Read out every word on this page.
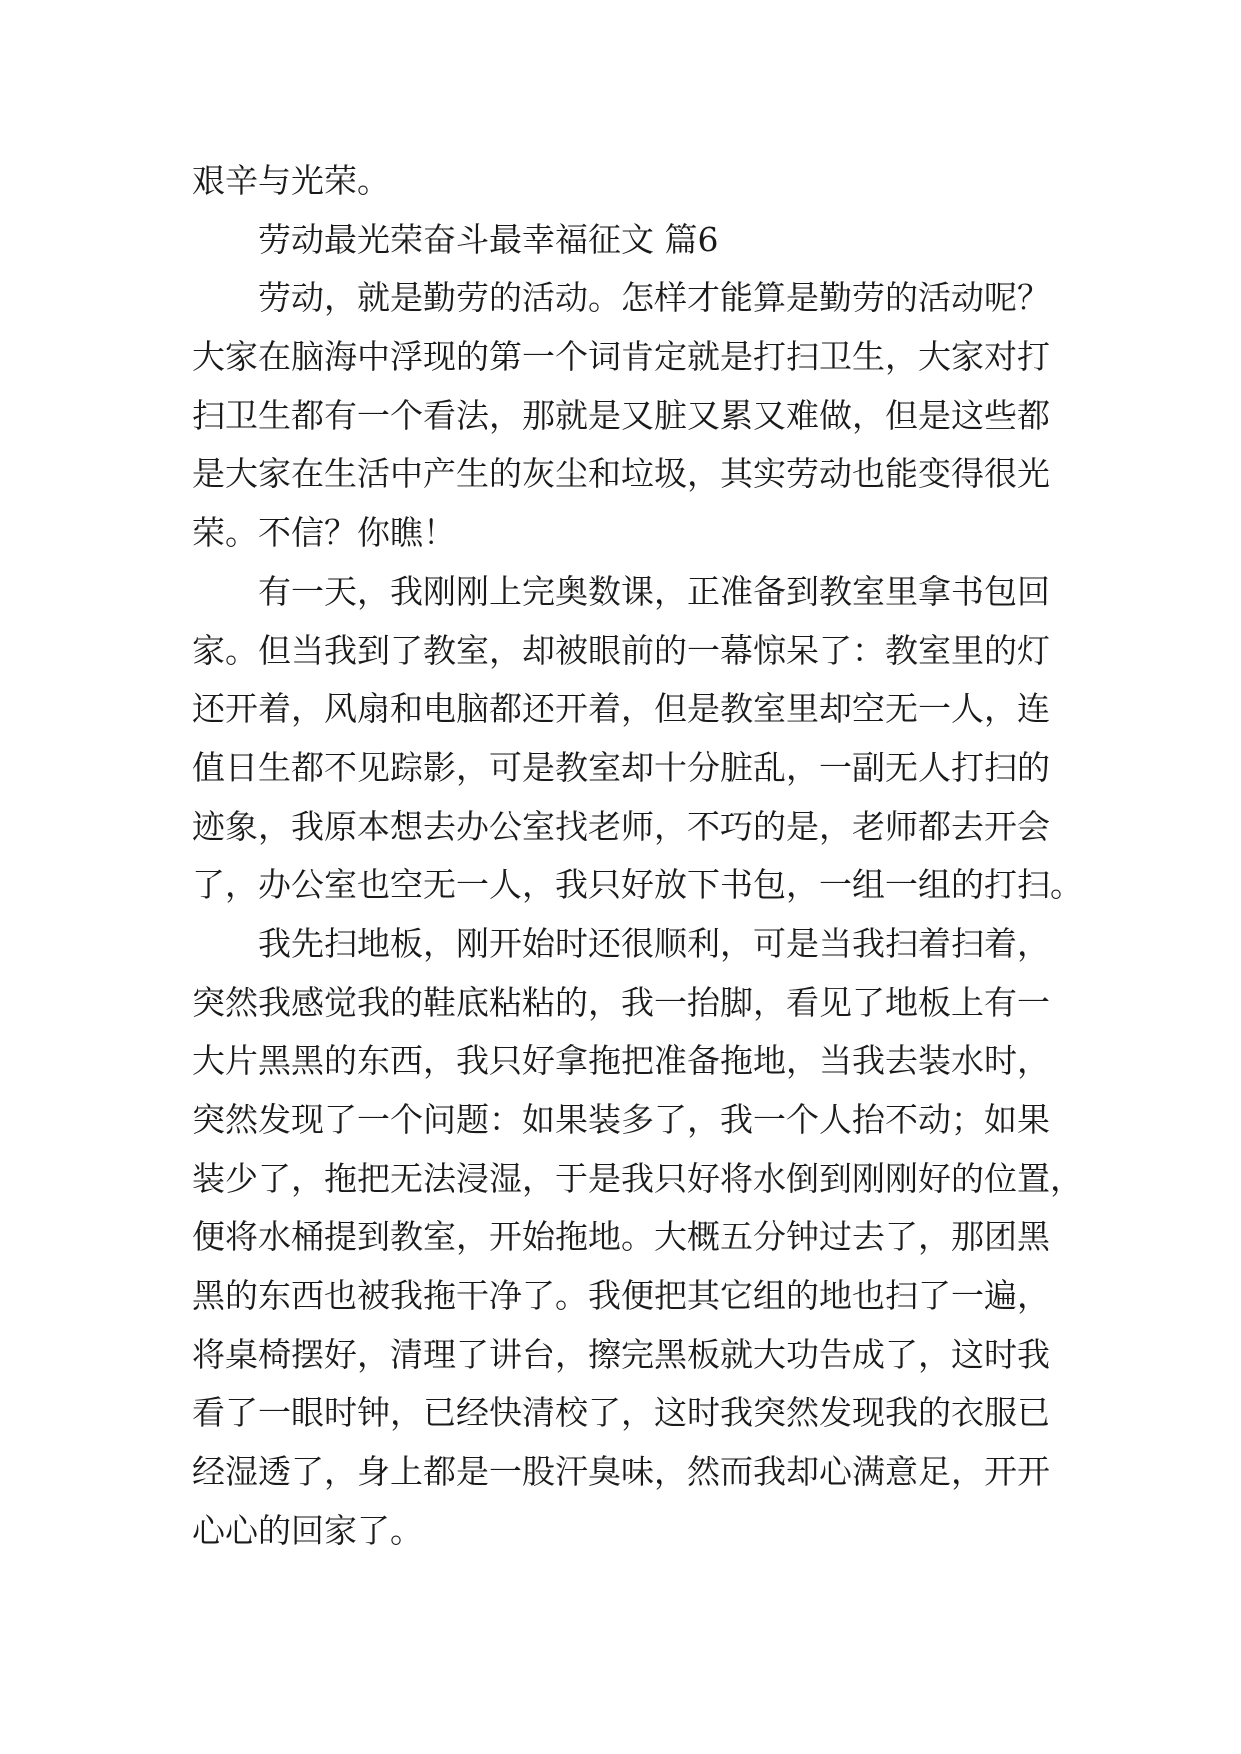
艰辛与光荣。
劳动最光荣奋斗最幸福征文 篇6
劳动，就是勤劳的活动。怎样才能算是勤劳的活动呢？
大家在脑海中浮现的第一个词肯定就是打扫卫生，大家对打
扫卫生都有一个看法，那就是又脏又累又难做，但是这些都
是大家在生活中产生的灰尘和垃圾，其实劳动也能变得很光
荣。不信？你瞧！
有一天，我刚刚上完奥数课，正准备到教室里拿书包回
家。但当我到了教室，却被眼前的一幕惊呆了：教室里的灯
还开着，风扇和电脑都还开着，但是教室里却空无一人，连
值日生都不见踪影，可是教室却十分脏乱，一副无人打扫的
迹象，我原本想去办公室找老师，不巧的是，老师都去开会
了，办公室也空无一人，我只好放下书包，一组一组的打扫。
我先扫地板，刚开始时还很顺利，可是当我扫着扫着，
突然我感觉我的鞋底粘粘的，我一抬脚，看见了地板上有一
大片黑黑的东西，我只好拿拖把准备拖地，当我去装水时，
突然发现了一个问题：如果装多了，我一个人抬不动；如果
装少了，拖把无法浸湿，于是我只好将水倒到刚刚好的位置，
便将水桶提到教室，开始拖地。大概五分钟过去了，那团黑
黑的东西也被我拖干净了。我便把其它组的地也扫了一遍，
将桌椅摆好，清理了讲台，擦完黑板就大功告成了，这时我
看了一眼时钟，已经快清校了，这时我突然发现我的衣服已
经湿透了，身上都是一股汗臭味，然而我却心满意足，开开
心心的回家了。
